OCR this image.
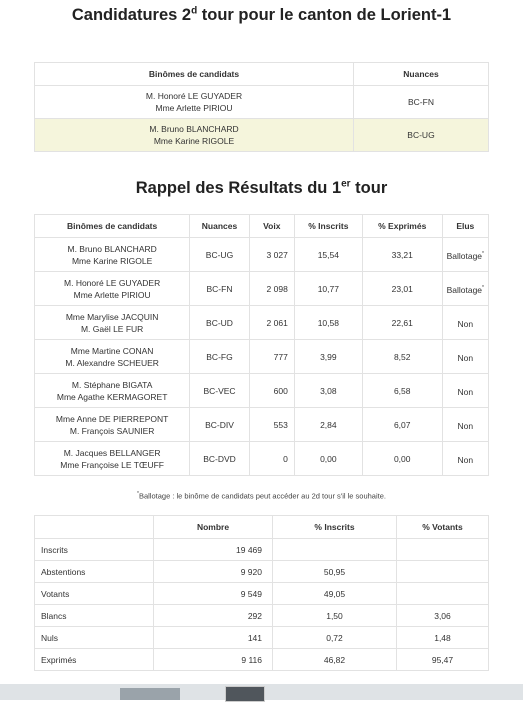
Candidatures 2$^d$ tour pour le canton de Lorient-1
Binômes de candidats	Nuances
M. Honoré LE GUYADER
Mme Arlette PIRIOU	BC-FN
M. Bruno BLANCHARD
Mme Karine RIGOLE	BC-UG
Rappel des Résultats du 1er tour
Binômes de candidats	Nuances	Voix	% Inscrits	% Exprimés	Elus
M. Bruno BLANCHARD
Mme Karine RIGOLE	BC-UG	3 027	15,54	33,21	Ballotage*
M. Honoré LE GUYADER
Mme Arlette PIRIOU	BC-FN	2 098	10,77	23,01	Ballotage*
Mme Marylise JACQUIN
M. Gaël LE FUR	BC-UD	2 061	10,58	22,61	Non
Mme Martine CONAN
M. Alexandre SCHEUER	BC-FG	777	3,99	8,52	Non
M. Stéphane BIGATA
Mme Agathe KERMAGORET	BC-VEC	600	3,08	6,58	Non
Mme Anne DE PIERREPONT
M. François SAUNIER	BC-DIV	553	2,84	6,07	Non
M. Jacques BELLANGER
Mme Françoise LE TŒUFF	BC-DVD	0	0,00	0,00	Non
*Ballotage : le binôme de candidats peut accéder au 2d tour s'il le souhaite.
	Nombre	% Inscrits	% Votants
Inscrits	19 469		
Abstentions	9 920	50,95	
Votants	9 549	49,05	
Blancs	292	1,50	3,06
Nuls	141	0,72	1,48
Exprimés	9 116	46,82	95,47
